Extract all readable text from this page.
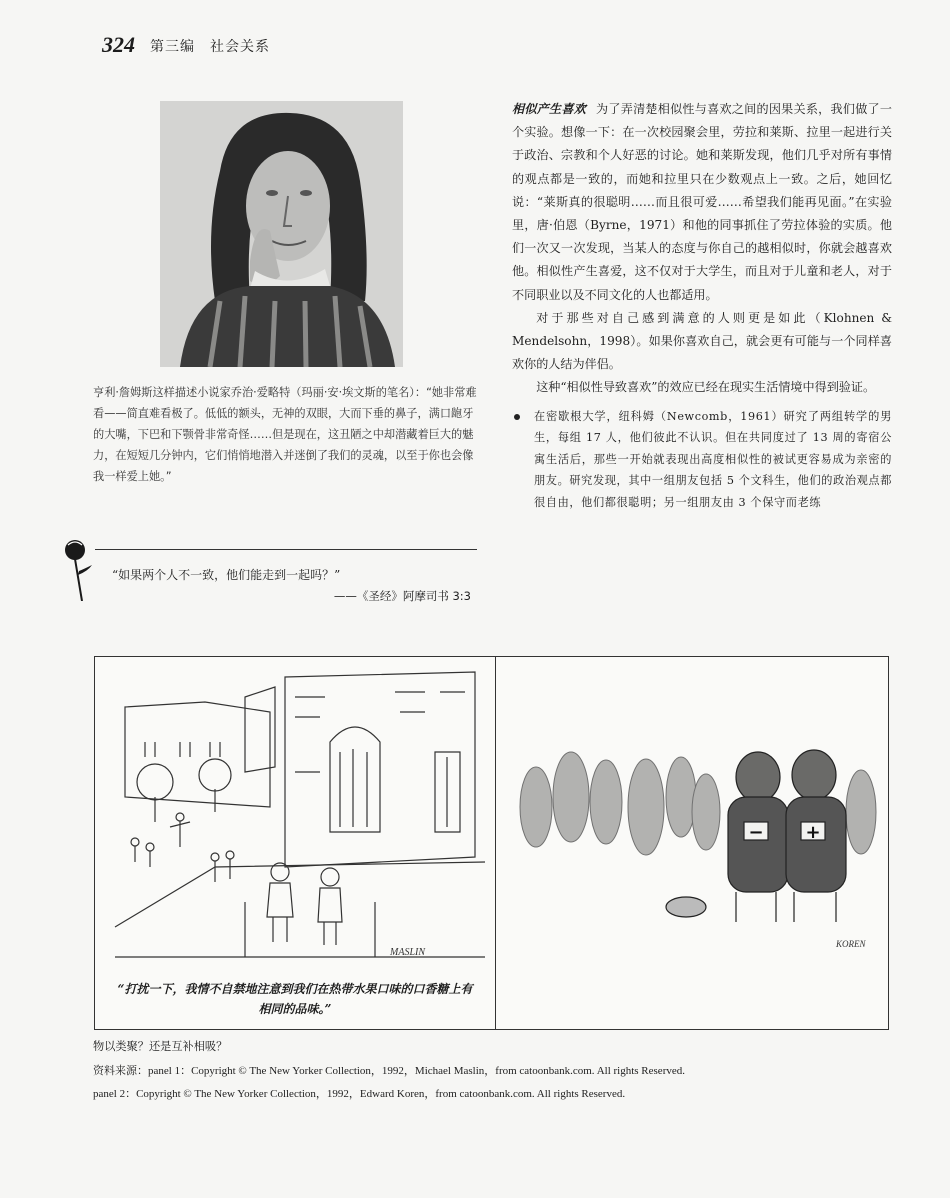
324 第三编　社会关系
亨利·詹姆斯这样描述小说家乔治·爱略特（玛丽·安·埃文斯的笔名）：“她非常难看——简直难看极了。低低的额头，无神的双眼，大而下垂的鼻子，满口龅牙的大嘴，下巴和下颚骨非常奇怪……但是现在，这丑陋之中却潜藏着巨大的魅力，在短短几分钟内，它们悄悄地潜入并迷倒了我们的灵魂，以至于你也会像我一样爱上她。”
“如果两个人不一致，他们能走到一起吗？”
——《圣经》阿摩司书 3:3

相似产生喜欢 为了弄清楚相似性与喜欢之间的因果关系，我们做了一个实验。想像一下：在一次校园聚会里，劳拉和莱斯、拉里一起进行关于政治、宗教和个人好恶的讨论。她和莱斯发现，他们几乎对所有事情的观点都是一致的，而她和拉里只在少数观点上一致。之后，她回忆说：“莱斯真的很聪明……而且很可爱……希望我们能再见面。”在实验里，唐·伯恩（Byrne，1971）和他的同事抓住了劳拉体验的实质。他们一次又一次发现，当某人的态度与你自己的越相似时，你就会越喜欢他。相似性产生喜爱，这不仅对于大学生，而且对于儿童和老人，对于不同职业以及不同文化的人也都适用。

对于那些对自己感到满意的人则更是如此（Klohnen & Mendelsohn，1998）。如果你喜欢自己，就会更有可能与一个同样喜欢你的人结为伴侣。

这种“相似性导致喜欢”的效应已经在现实生活情境中得到验证。

在密歇根大学，纽科姆（Newcomb，1961）研究了两组转学的男生，每组 17 人，他们彼此不认识。但在共同度过了 13 周的寄宿公寓生活后，那些一开始就表现出高度相似性的被试更容易成为亲密的朋友。研究发现，其中一组朋友包括 5 个文科生，他们的政治观点都很自由，他们都很聪明；另一组朋友由 3 个保守而老练
MASLIN
“打扰一下，我情不自禁地注意到我们在热带水果口味的口香糖上有相同的品味。”
− +
KOREN
物以类聚？还是互补相吸？
资料来源：panel 1：Copyright © The New Yorker Collection，1992，Michael Maslin，from catoonbank.com. All rights Reserved.
panel 2：Copyright © The New Yorker Collection，1992，Edward Koren，from catoonbank.com. All rights Reserved.
